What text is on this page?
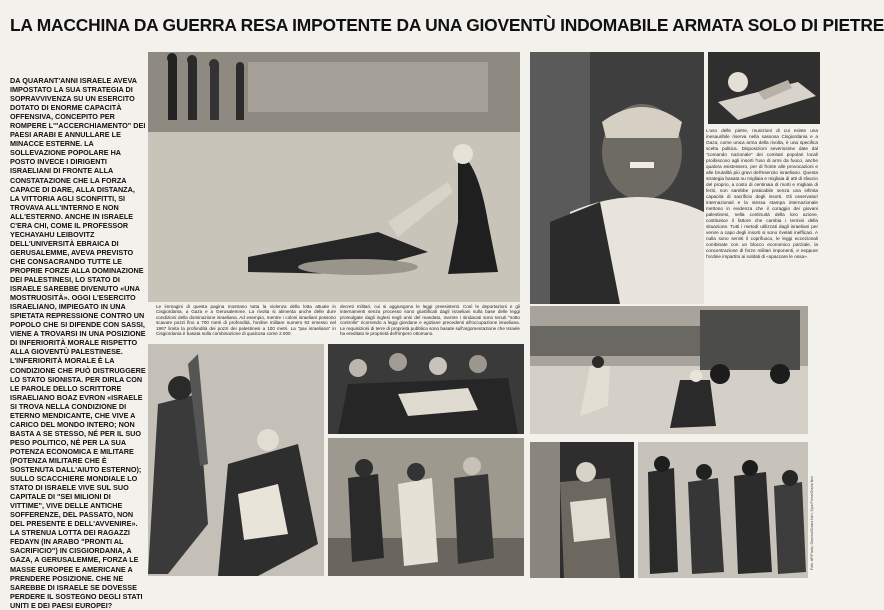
LA MACCHINA DA GUERRA RESA IMPOTENTE DA UNA GIOVENTÙ INDOMABILE ARMATA SOLO DI PIETRE
DA QUARANT'ANNI ISRAELE AVEVA IMPOSTATO LA SUA STRATEGIA DI SOPRAVVIVENZA SU UN ESERCITO DOTATO DI ENORME CAPACITÀ OFFENSIVA, CONCEPITO PER ROMPERE L'"ACCERCHIAMENTO" DEI PAESI ARABI E ANNULLARE LE MINACCE ESTERNE. LA SOLLEVAZIONE POPOLARE HA POSTO INVECE I DIRIGENTI ISRAELIANI DI FRONTE ALLA CONSTATAZIONE CHE LA FORZA CAPACE DI DARE, ALLA DISTANZA, LA VITTORIA AGLI SCONFITTI, SI TROVAVA ALL'INTERNO E NON ALL'ESTERNO. ANCHE IN ISRAELE C'ERA CHI, COME IL PROFESSOR YECHAYAHU LEIBOVITZ DELL'UNIVERSITÀ EBRAICA DI GERUSALEMME, AVEVA PREVISTO CHE CONSACRANDO TUTTE LE PROPRIE FORZE ALLA DOMINAZIONE DEI PALESTINESI, LO STATO DI ISRAELE SAREBBE DIVENUTO «UNA MOSTRUOSITÀ». OGGI L'ESERCITO ISRAELIANO, IMPIEGATO IN UNA SPIETATA REPRESSIONE CONTRO UN POPOLO CHE SI DIFENDE CON SASSI, VIENE A TROVARSI IN UNA POSIZIONE DI INFERIORITÀ MORALE RISPETTO ALLA GIOVENTÙ PALESTINESE. L'INFERIORITÀ MORALE È LA CONDIZIONE CHE PUÒ DISTRUGGERE LO STATO SIONISTA. PER DIRLA CON LE PAROLE DELLO SCRITTORE ISRAELIANO BOAZ EVRON «ISRAELE SI TROVA NELLA CONDIZIONE DI ETERNO MENDICANTE, CHE VIVE A CARICO DEL MONDO INTERO; NON BASTA A SE STESSO, NÉ PER IL SUO PESO POLITICO, NÉ PER LA SUA POTENZA ECONOMICA E MILITARE (POTENZA MILITARE CHE È SOSTENUTA DALL'AIUTO ESTERNO); SULLO SCACCHIERE MONDIALE LO STATO DI ISRAELE VIVE SUL SUO CAPITALE DI "SEI MILIONI DI VITTIME", VIVE DELLE ANTICHE SOFFERENZE, DEL PASSATO, NON DEL PRESENTE E DELL'AVVENIRE». LA STRENUA LOTTA DEI RAGAZZI FEDAYN (IN ARABO "PRONTI AL SACRIFICIO") IN CISGIORDANIA, A GAZA, A GERUSALEMME, FORZA LE MASSE EUROPEE E AMERICANE A PRENDERE POSIZIONE. CHE NE SAREBBE DI ISRAELE SE DOVESSE PERDERE IL SOSTEGNO DEGLI STATI UNITI E DEI PAESI EUROPEI?
L'uso delle pietre, munizioni di cui esiste una inesauribile riserva nella sassosa Cisgiordania e a Gaza, come unica arma della rivolta, è una specifica scelta politica. Disposizioni severissime date dal "comando nazionale" dei comitati popolari locali proibiscono agli insorti l'uso di armi da fuoco, anche qualora esistessero, per di fronte alle provocazioni e alle brutalità più gravi dell'esercito israeliano. Questa strategia basata su migliaia e migliaia di atti di sfaccio del proprio, a costo di centinaia di morti e migliaia di feriti, non sarebbe praticabile senza una infinita capacità di sacrificio degli insorti. Gli osservatori internazionali e la stessa stampa internazionale mettono in evidenza che il coraggio dei giovani palestinesi, nella continuità della loro azione, costituisce il fattore che cambia i termini della situazione. Tutti i metodi utilizzati dagli israeliani per venire a capo degli insorti si sono rivelati inefficaci. A nulla sono serviti il coprifuoco, le leggi eccezionali combinate con un blocco economico parziale, la concentrazione di forze militari imponenti, e neppure l'ordine impartito ai soldati di «spaccare le ossa».
Le immagini di questa pagina mostrano tutta la violenza della lotta attuale in Cisgiordania, a Gaza e a Gerusalemme. La rivolta si alimenta anche delle dure condizioni della dominazione israeliana. Ad esempio, mentre i coloni israeliani possono scavare pozzi fino a 700 metri di profondità, l'ordine militare numero 92 emesso nel 1967 limita la profondità dei pozzi dei palestinesi a 100 metri. La "pax israeliana" in Cisgiordania è basata sulla combinazione di qualcosa come 2.000
decreti militari, cui si aggiungono le leggi preesistenti. Così le deportazioni e gli internamenti senza processo sono giustificati dagli israeliani sulla base delle leggi promulgate dagli inglesi negli anni del mandato, mentre i sindacati sono tenuti "sotto controllo" ricorrendo a leggi giordane e egiziane precedenti all'occupazione israeliana. Le requisizioni di terre di proprietà pubblica sono basate sull'argomentazione che Israele ha ereditato le proprietà dell'impero ottomano.
Foto: AP/Photo, Gamma/Grazia Neri, Sipa Press/Grazia Neri
